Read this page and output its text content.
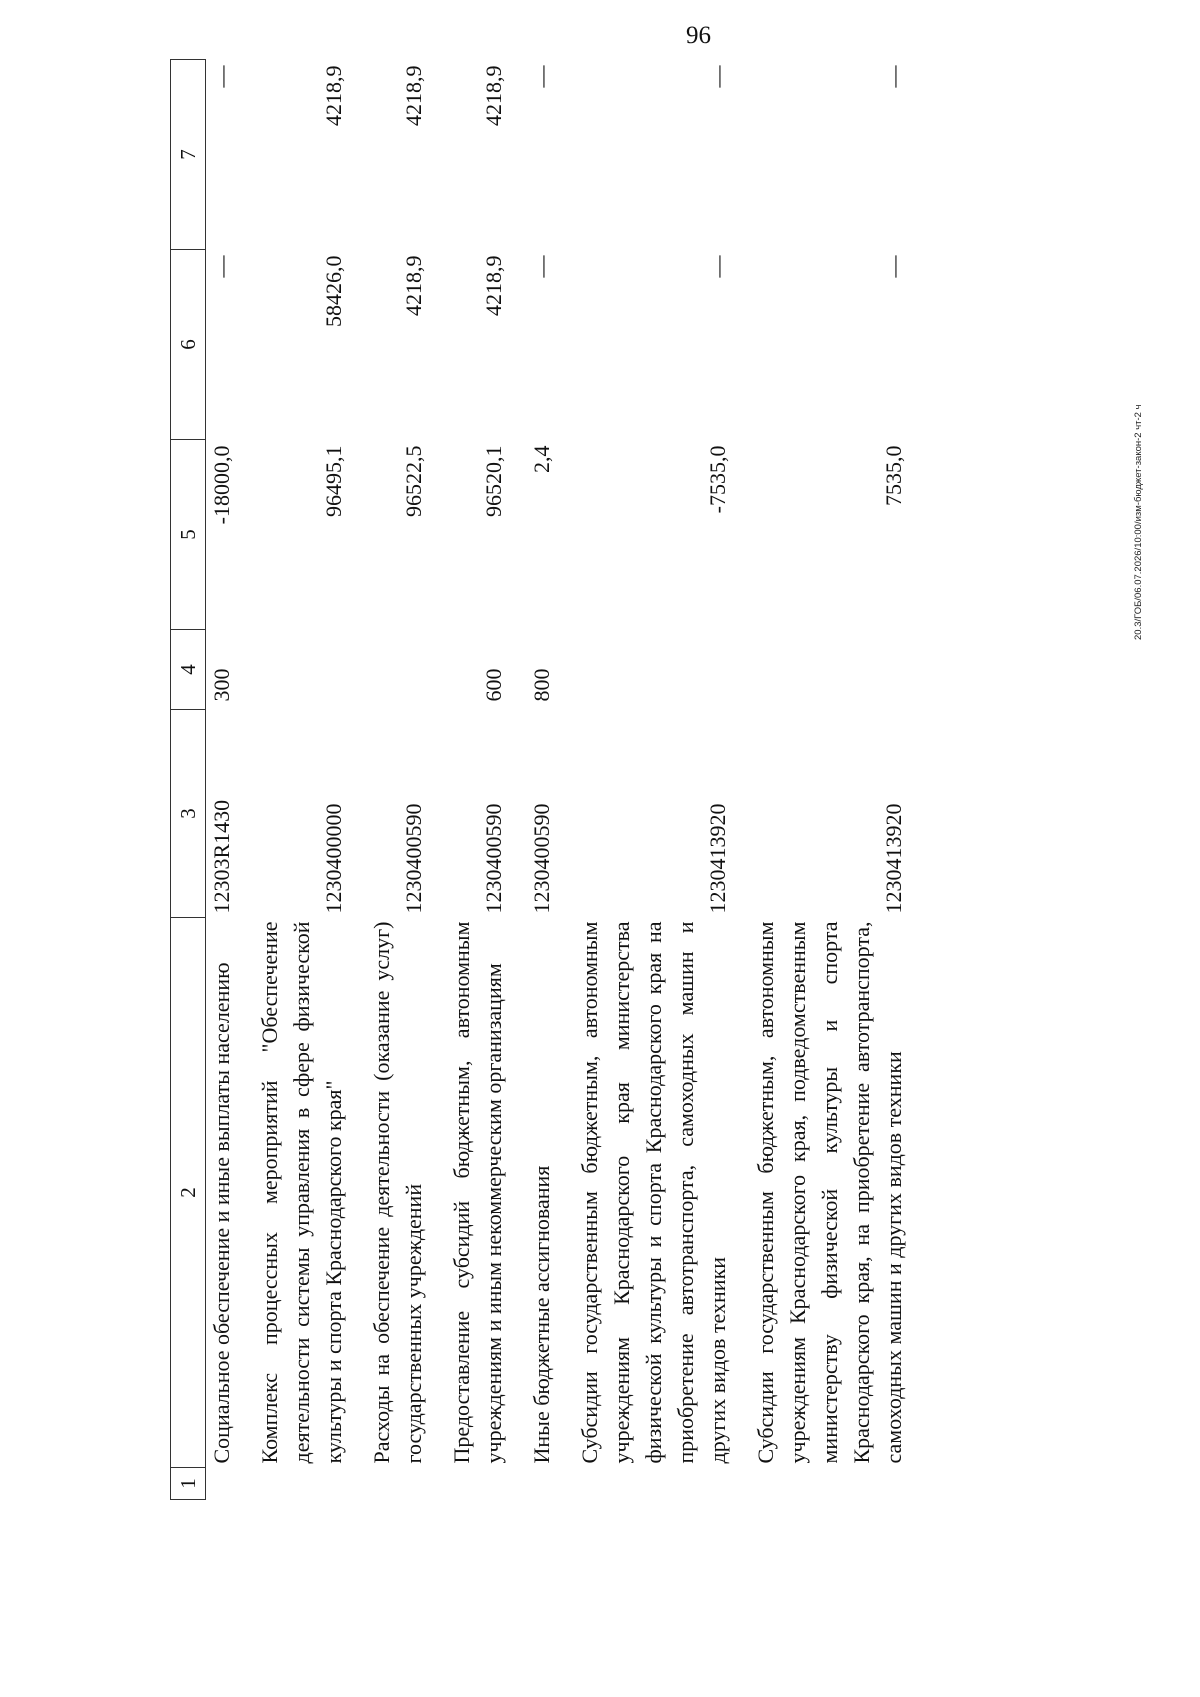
96
20.3/ГОБ/06.07.2026/10:00/изм-бюджет-закон-2 чт-2 ч
1	2	3	4	5	6	7
	Социальное обеспечение и иные выплаты населению	12303R1430	300	-18000,0	—	—

	Комплекс процессных мероприятий "Обеспечение деятельности системы управления в сфере физической культуры и спорта Краснодарского края"	1230400000		96495,1	58426,0	4218,9

	Расходы на обеспечение деятельности (оказание услуг) государственных учреждений	1230400590		96522,5	4218,9	4218,9

	Предоставление субсидий бюджетным, автономным учреждениям и иным некоммерческим организациям	1230400590	600	96520,1	4218,9	4218,9

	Иные бюджетные ассигнования	1230400590	800	2,4	—	—

	Субсидии государственным бюджетным, автономным учреждениям Краснодарского края министерства физической культуры и спорта Краснодарского края на приобретение автотранспорта, самоходных машин и других видов техники	1230413920		-7535,0	—	—

	Субсидии государственным бюджетным, автономным учреждениям Краснодарского края, подведомственным министерству физической культуры и спорта Краснодарского края, на приобретение автотранспорта, самоходных машин и других видов техники	1230413920		7535,0	—	—
